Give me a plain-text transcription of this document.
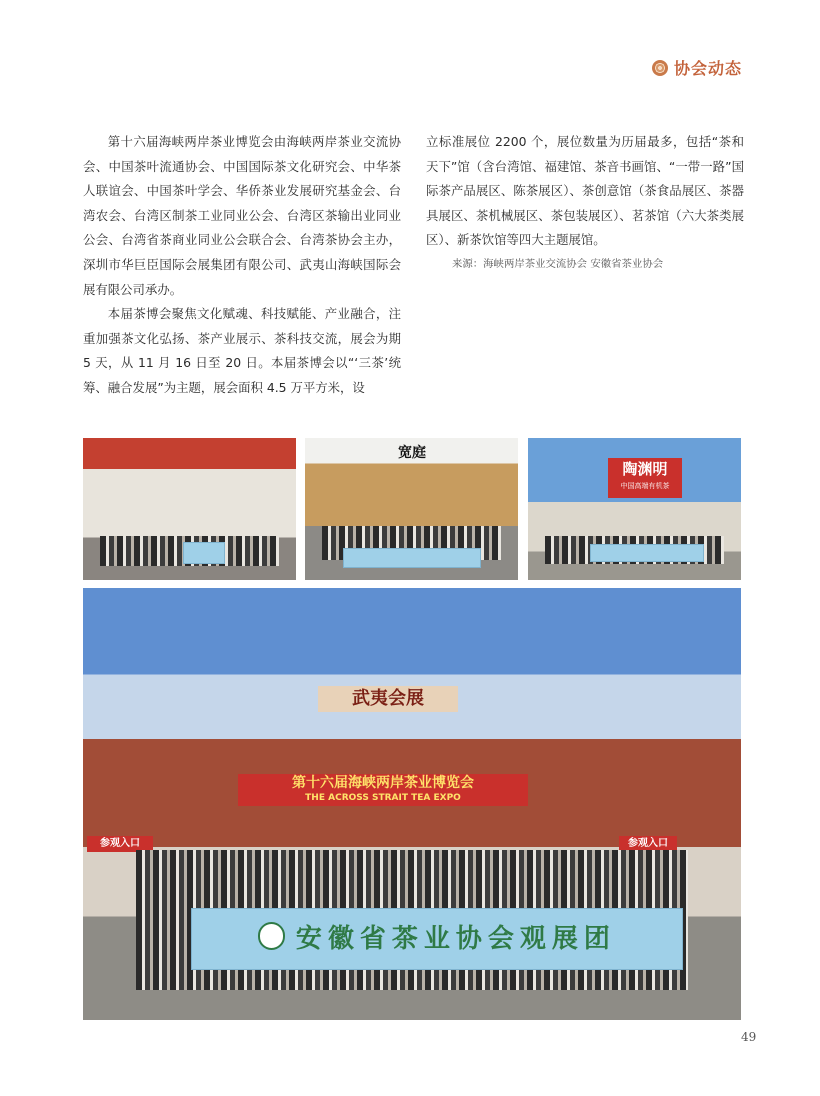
协会动态

第十六届海峡两岸茶业博览会由海峡两岸茶业交流协会、中国茶叶流通协会、中国国际茶文化研究会、中华茶人联谊会、中国茶叶学会、华侨茶业发展研究基金会、台湾农会、台湾区制茶工业同业公会、台湾区茶输出业同业公会、台湾省茶商业同业公会联合会、台湾茶协会主办，深圳市华巨臣国际会展集团有限公司、武夷山海峡国际会展有限公司承办。

本届茶博会聚焦文化赋魂、科技赋能、产业融合，注重加强茶文化弘扬、茶产业展示、茶科技交流，展会为期 5 天，从 11 月 16 日至 20 日。本届茶博会以“‘三茶’统筹、融合发展”为主题，展会面积 4.5 万平方米，设

立标准展位 2200 个，展位数量为历届最多，包括“茶和天下”馆（含台湾馆、福建馆、茶音书画馆、“一带一路”国际茶产品展区、陈茶展区）、茶创意馆（茶食品展区、茶器具展区、茶机械展区、茶包装展区）、茗茶馆（六大茶类展区）、新茶饮馆等四大主题展馆。

来源：海峡两岸茶业交流协会 安徽省茶业协会
宽庭
陶渊明
中国高端有机茶
武夷会展
第十六届海峡两岸茶业博览会
THE ACROSS STRAIT TEA EXPO
参观入口	参观入口
安徽省茶业协会观展团
49
